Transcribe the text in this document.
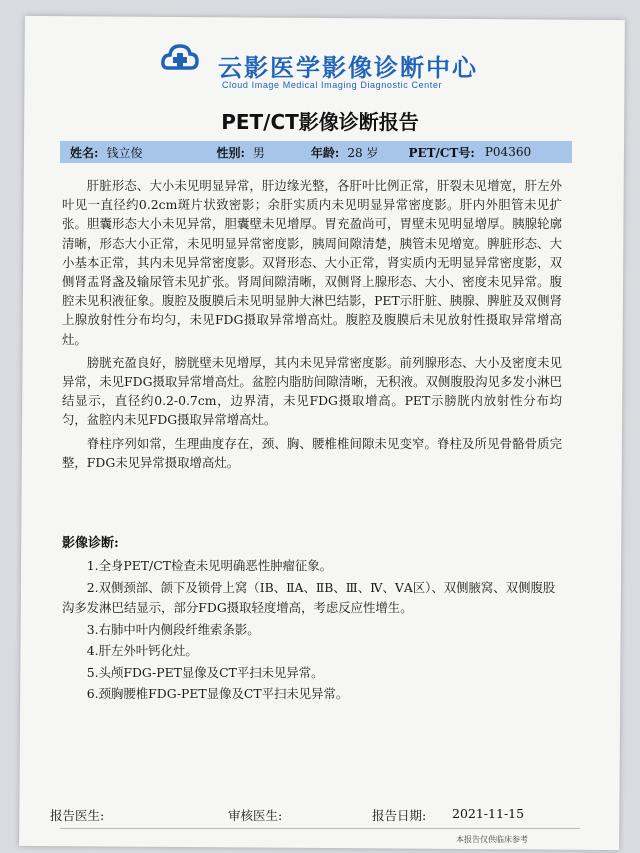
云影医学影像诊断中心
Cloud Image Medical Imaging Diagnostic Center
PET/CT影像诊断报告
姓名: 钱立俊	性别: 男	年龄: 28 岁	PET/CT号: P04360

肝脏形态、大小未见明显异常，肝边缘光整，各肝叶比例正常，肝裂未见增宽，肝左外叶见一直径约0.2cm斑片状致密影；余肝实质内未见明显异常密度影。肝内外胆管未见扩张。胆囊形态大小未见异常，胆囊壁未见增厚。胃充盈尚可，胃壁未见明显增厚。胰腺轮廓清晰，形态大小正常，未见明显异常密度影，胰周间隙清楚，胰管未见增宽。脾脏形态、大小基本正常，其内未见异常密度影。双肾形态、大小正常，肾实质内无明显异常密度影，双侧肾盂肾盏及输尿管未见扩张。肾周间隙清晰，双侧肾上腺形态、大小、密度未见异常。腹腔未见积液征象。腹腔及腹膜后未见明显肿大淋巴结影，PET示肝脏、胰腺、脾脏及双侧肾上腺放射性分布均匀，未见FDG摄取异常增高灶。腹腔及腹膜后未见放射性摄取异常增高灶。

膀胱充盈良好，膀胱壁未见增厚，其内未见异常密度影。前列腺形态、大小及密度未见异常，未见FDG摄取异常增高灶。盆腔内脂肪间隙清晰，无积液。双侧腹股沟见多发小淋巴结显示，直径约0.2-0.7cm，边界清，未见FDG摄取增高。PET示膀胱内放射性分布均匀，盆腔内未见FDG摄取异常增高灶。

脊柱序列如常，生理曲度存在，颈、胸、腰椎椎间隙未见变窄。脊柱及所见骨骼骨质完整，FDG未见异常摄取增高灶。

影像诊断:

1.全身PET/CT检查未见明确恶性肿瘤征象。

2.双侧颈部、颌下及锁骨上窝（ⅠB、ⅡA、ⅡB、Ⅲ、Ⅳ、ⅤA区）、双侧腋窝、双侧腹股沟多发淋巴结显示，部分FDG摄取轻度增高，考虑反应性增生。

3.右肺中叶内侧段纤维索条影。

4.肝左外叶钙化灶。

5.头颅FDG-PET显像及CT平扫未见异常。

6.颈胸腰椎FDG-PET显像及CT平扫未见异常。

报告医生:	审核医生:	报告日期: 2021-11-15
本报告仅供临床参考
